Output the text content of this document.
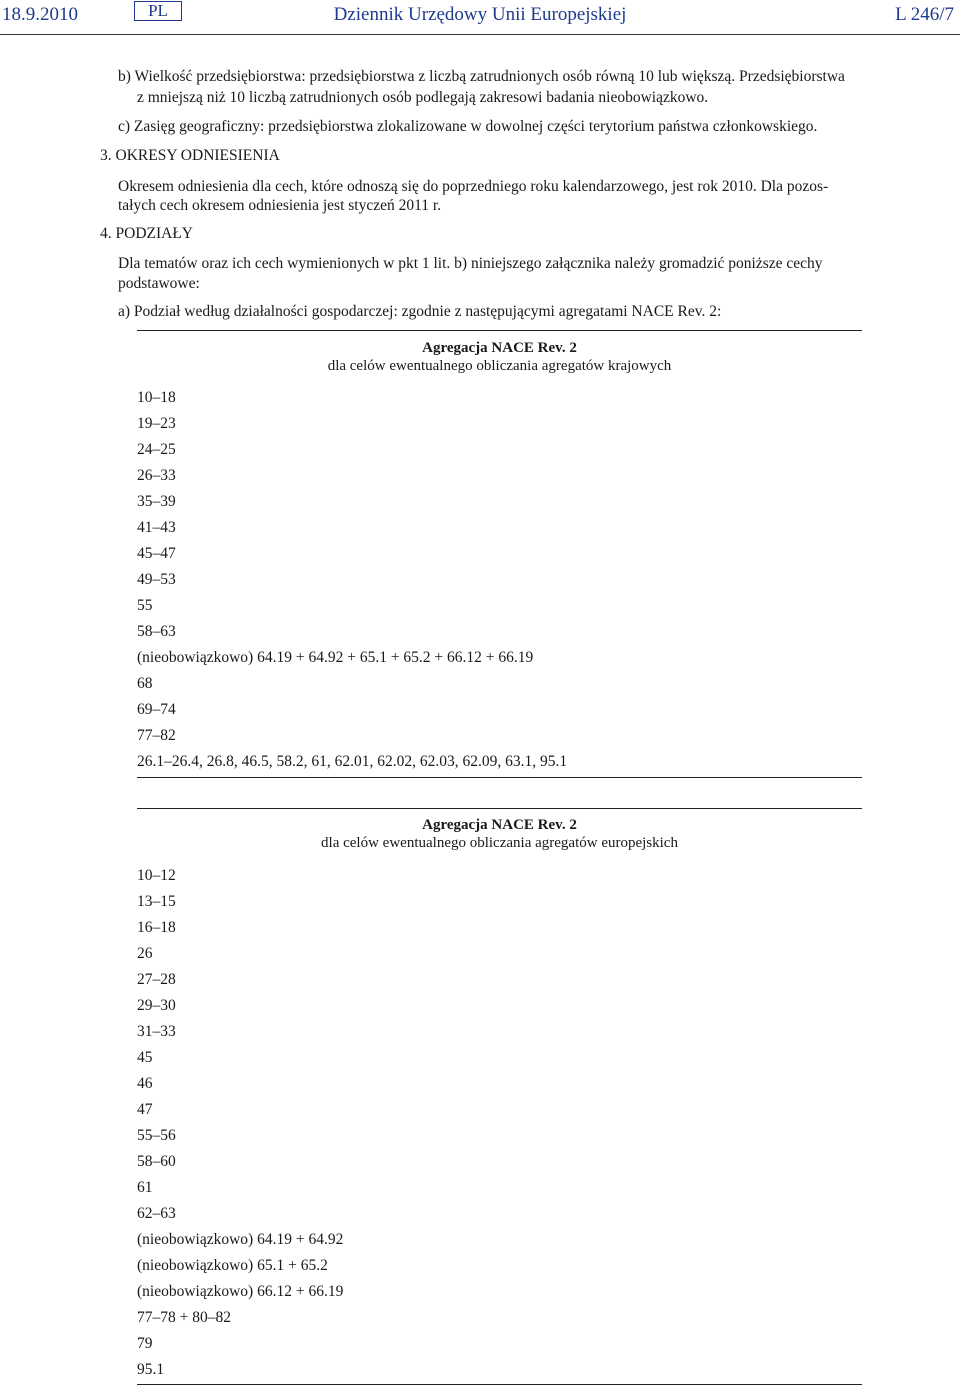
18.9.2010	PL	Dziennik Urzędowy Unii Europejskiej	L 246/7
b) Wielkość przedsiębiorstwa: przedsiębiorstwa z liczbą zatrudnionych osób równą 10 lub większą. Przedsiębiorstwa
z mniejszą niż 10 liczbą zatrudnionych osób podlegają zakresowi badania nieobowiązkowo.
c) Zasięg geograficzny: przedsiębiorstwa zlokalizowane w dowolnej części terytorium państwa członkowskiego.
3. OKRESY ODNIESIENIA
Okresem odniesienia dla cech, które odnoszą się do poprzedniego roku kalendarzowego, jest rok 2010. Dla pozos-
tałych cech okresem odniesienia jest styczeń 2011 r.
4. PODZIAŁY
Dla tematów oraz ich cech wymienionych w pkt 1 lit. b) niniejszego załącznika należy gromadzić poniższe cechy
podstawowe:
a) Podział według działalności gospodarczej: zgodnie z następującymi agregatami NACE Rev. 2:
Agregacja NACE Rev. 2
dla celów ewentualnego obliczania agregatów krajowych
10–18
19–23
24–25
26–33
35–39
41–43
45–47
49–53
55
58–63
(nieobowiązkowo) 64.19 + 64.92 + 65.1 + 65.2 + 66.12 + 66.19
68
69–74
77–82
26.1–26.4, 26.8, 46.5, 58.2, 61, 62.01, 62.02, 62.03, 62.09, 63.1, 95.1
Agregacja NACE Rev. 2
dla celów ewentualnego obliczania agregatów europejskich
10–12
13–15
16–18
26
27–28
29–30
31–33
45
46
47
55–56
58–60
61
62–63
(nieobowiązkowo) 64.19 + 64.92
(nieobowiązkowo) 65.1 + 65.2
(nieobowiązkowo) 66.12 + 66.19
77–78 + 80–82
79
95.1
